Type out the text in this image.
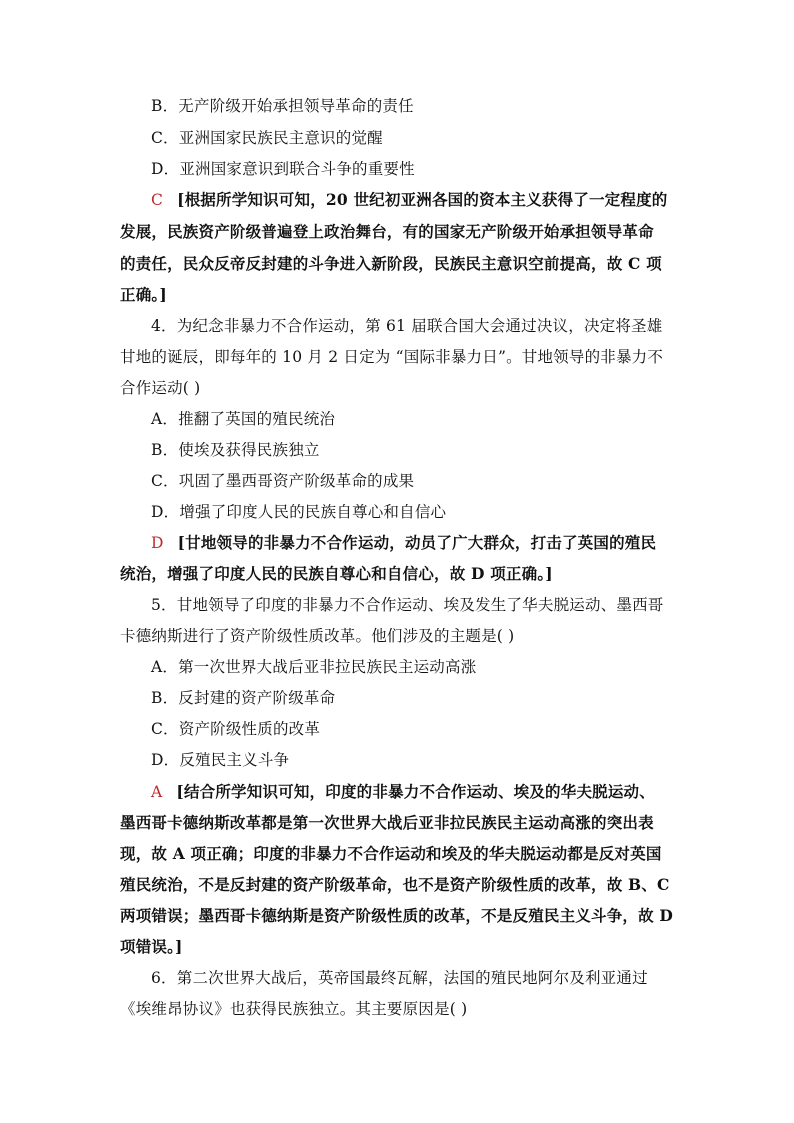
B．无产阶级开始承担领导革命的责任
C．亚洲国家民族民主意识的觉醒
D．亚洲国家意识到联合斗争的重要性
C [根据所学知识可知，20 世纪初亚洲各国的资本主义获得了一定程度的
发展，民族资产阶级普遍登上政治舞台，有的国家无产阶级开始承担领导革命
的责任，民众反帝反封建的斗争进入新阶段，民族民主意识空前提高，故 C 项
正确。]
4．为纪念非暴力不合作运动，第 61 届联合国大会通过决议，决定将圣雄
甘地的诞辰，即每年的 10 月 2 日定为 “国际非暴力日”。甘地领导的非暴力不
合作运动( )
A．推翻了英国的殖民统治
B．使埃及获得民族独立
C．巩固了墨西哥资产阶级革命的成果
D．增强了印度人民的民族自尊心和自信心
D [甘地领导的非暴力不合作运动，动员了广大群众，打击了英国的殖民
统治，增强了印度人民的民族自尊心和自信心，故 D 项正确。]
5．甘地领导了印度的非暴力不合作运动、埃及发生了华夫脱运动、墨西哥
卡德纳斯进行了资产阶级性质改革。他们涉及的主题是( )
A．第一次世界大战后亚非拉民族民主运动高涨
B．反封建的资产阶级革命
C．资产阶级性质的改革
D．反殖民主义斗争
A [结合所学知识可知，印度的非暴力不合作运动、埃及的华夫脱运动、
墨西哥卡德纳斯改革都是第一次世界大战后亚非拉民族民主运动高涨的突出表
现，故 A 项正确；印度的非暴力不合作运动和埃及的华夫脱运动都是反对英国
殖民统治，不是反封建的资产阶级革命，也不是资产阶级性质的改革，故 B、C
两项错误；墨西哥卡德纳斯是资产阶级性质的改革，不是反殖民主义斗争，故 D
项错误。]
6．第二次世界大战后，英帝国最终瓦解，法国的殖民地阿尔及利亚通过
《埃维昂协议》也获得民族独立。其主要原因是( )
